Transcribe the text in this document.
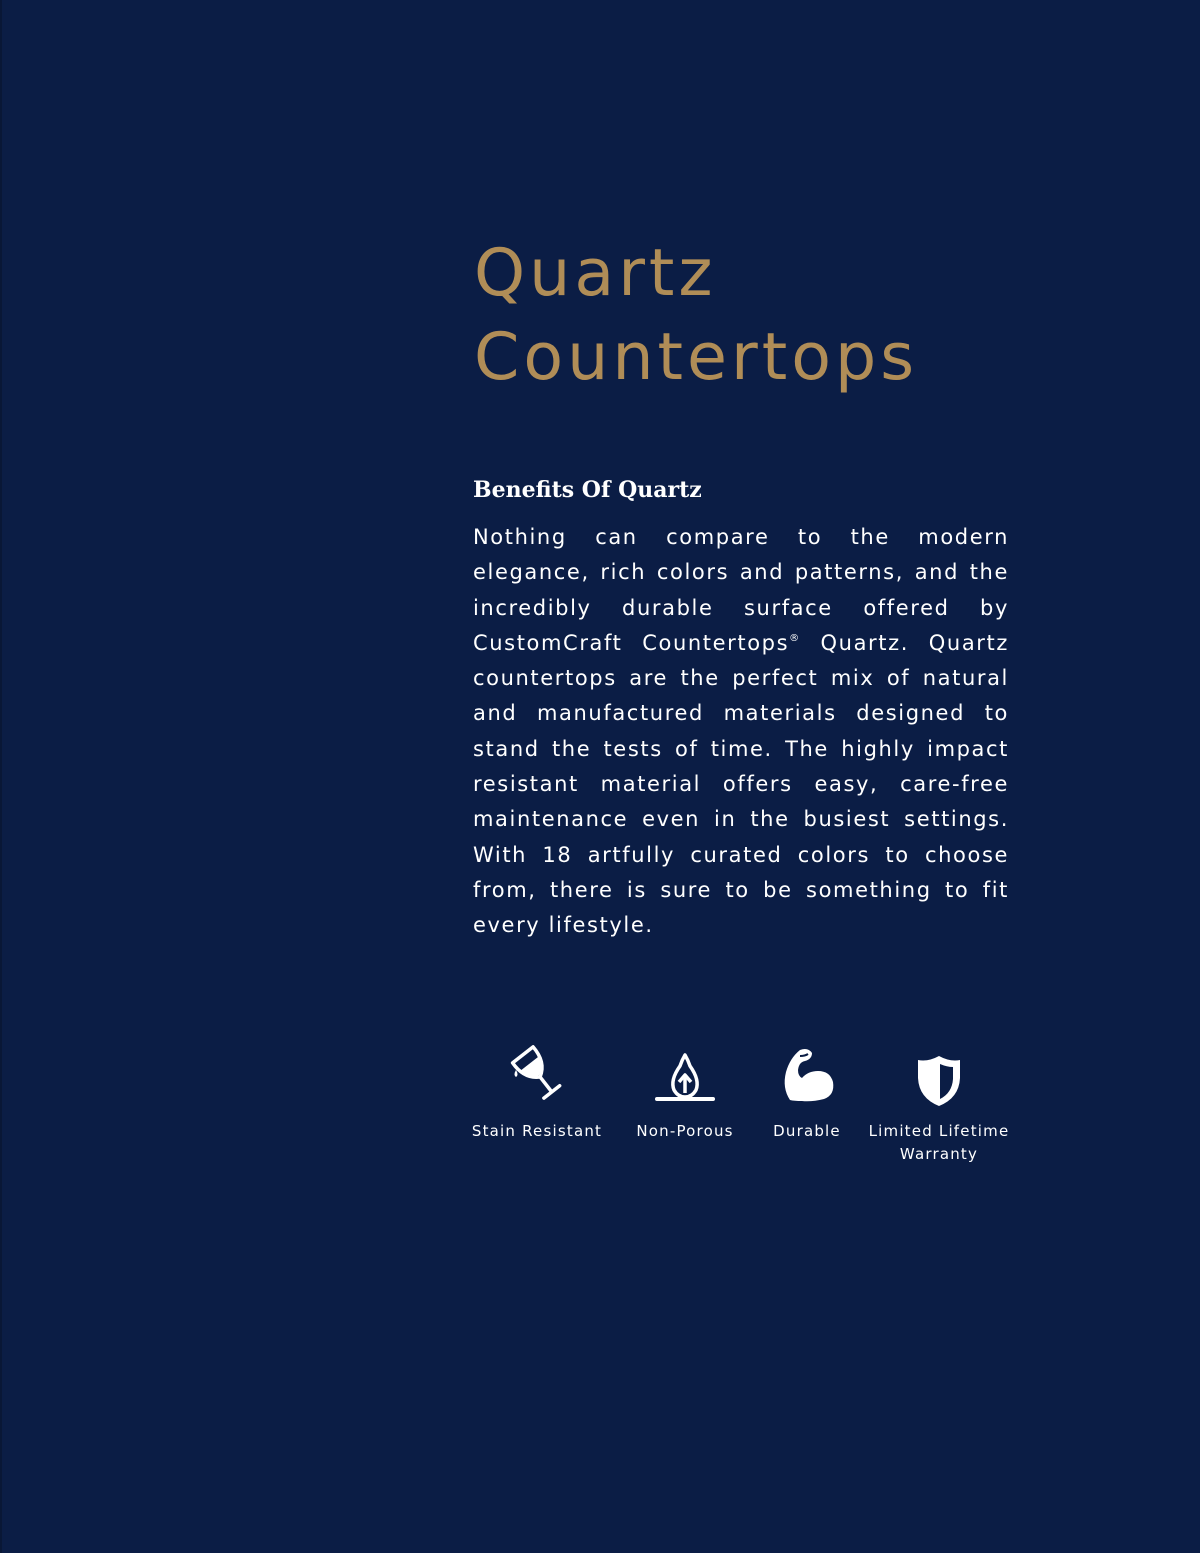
Quartz
Countertops
Benefits Of Quartz

Nothing can compare to the modern elegance, rich colors and patterns, and the incredibly durable surface offered by CustomCraft Countertops® Quartz. Quartz countertops are the perfect mix of natural and manufactured materials designed to stand the tests of time. The highly impact resistant material offers easy, care-free maintenance even in the busiest settings. With 18 artfully curated colors to choose from, there is sure to be something to fit every lifestyle.

Stain Resistant	Non-Porous	Durable	Limited Lifetime Warranty
